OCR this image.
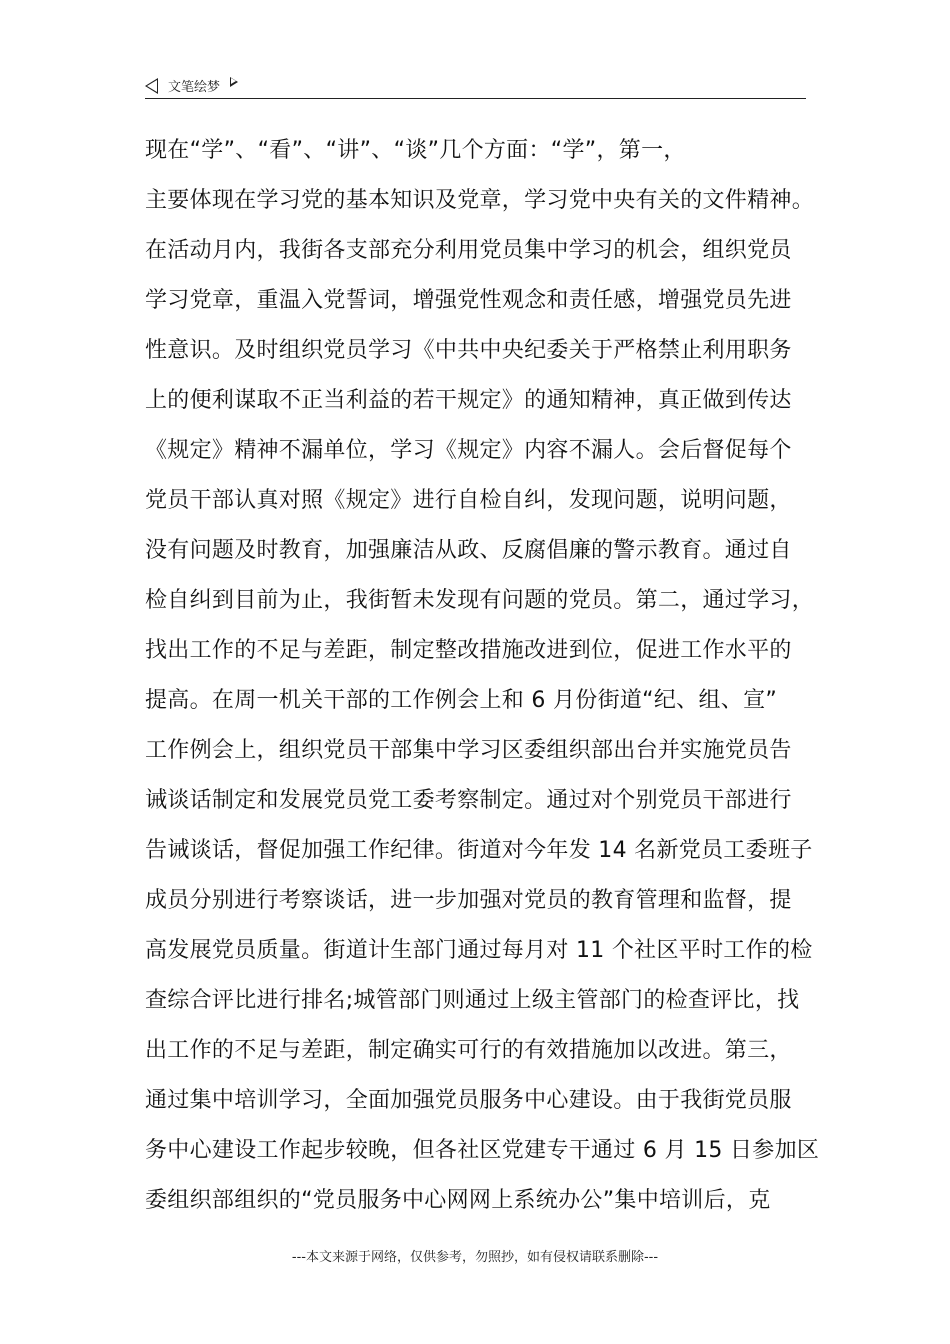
文笔绘梦
现在“学”、“看”、“讲”、“谈”几个方面：“学”，第一，
主要体现在学习党的基本知识及党章，学习党中央有关的文件精神。
在活动月内，我街各支部充分利用党员集中学习的机会，组织党员
学习党章，重温入党誓词，增强党性观念和责任感，增强党员先进
性意识。及时组织党员学习《中共中央纪委关于严格禁止利用职务
上的便利谋取不正当利益的若干规定》的通知精神，真正做到传达
《规定》精神不漏单位，学习《规定》内容不漏人。会后督促每个
党员干部认真对照《规定》进行自检自纠，发现问题，说明问题，
没有问题及时教育，加强廉洁从政、反腐倡廉的警示教育。通过自
检自纠到目前为止，我街暂未发现有问题的党员。第二，通过学习，
找出工作的不足与差距，制定整改措施改进到位，促进工作水平的
提高。在周一机关干部的工作例会上和 6 月份街道“纪、组、宣”
工作例会上，组织党员干部集中学习区委组织部出台并实施党员告
诫谈话制定和发展党员党工委考察制定。通过对个别党员干部进行
告诫谈话，督促加强工作纪律。街道对今年发 14 名新党员工委班子
成员分别进行考察谈话，进一步加强对党员的教育管理和监督，提
高发展党员质量。街道计生部门通过每月对 11 个社区平时工作的检
查综合评比进行排名;城管部门则通过上级主管部门的检查评比，找
出工作的不足与差距，制定确实可行的有效措施加以改进。第三，
通过集中培训学习，全面加强党员服务中心建设。由于我街党员服
务中心建设工作起步较晚，但各社区党建专干通过 6 月 15 日参加区
委组织部组织的“党员服务中心网网上系统办公”集中培训后，克
---本文来源于网络，仅供参考，勿照抄，如有侵权请联系删除---
